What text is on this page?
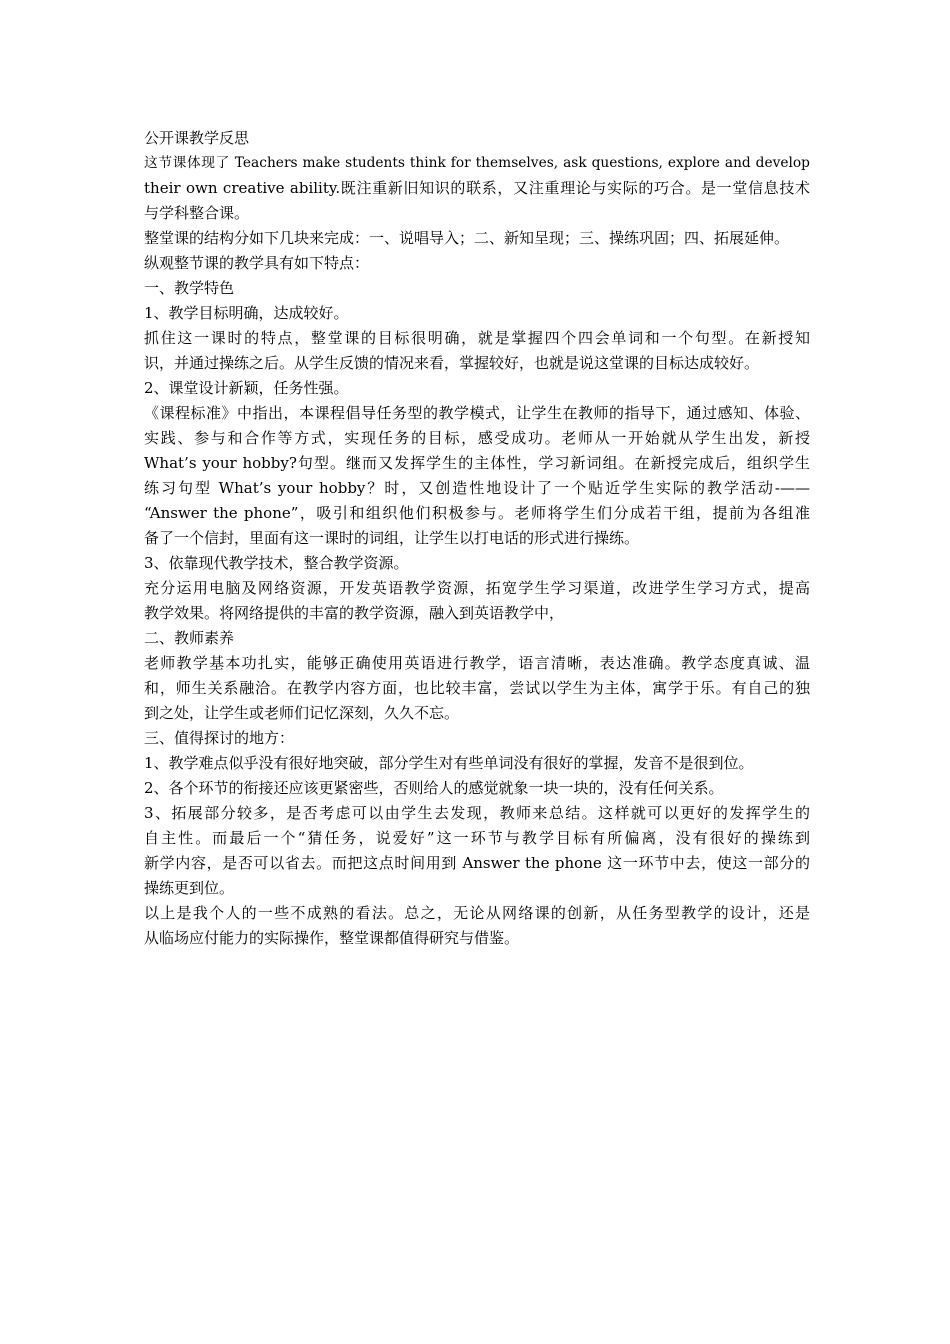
公开课教学反思
这节课体现了 Teachers make students think for themselves, ask questions, explore and develop
their own creative ability.既注重新旧知识的联系，又注重理论与实际的巧合。是一堂信息技术
与学科整合课。
整堂课的结构分如下几块来完成：一、说唱导入；二、新知呈现；三、操练巩固；四、拓展延伸。
纵观整节课的教学具有如下特点：
一、教学特色
1、教学目标明确，达成较好。
抓住这一课时的特点，整堂课的目标很明确，就是掌握四个四会单词和一个句型。在新授知
识，并通过操练之后。从学生反馈的情况来看，掌握较好，也就是说这堂课的目标达成较好。
2、课堂设计新颖，任务性强。
《课程标准》中指出，本课程倡导任务型的教学模式，让学生在教师的指导下，通过感知、体验、
实践、参与和合作等方式，实现任务的目标，感受成功。老师从一开始就从学生出发，新授
What’s your hobby?句型。继而又发挥学生的主体性，学习新词组。在新授完成后，组织学生
练习句型 What’s your hobby？时，又创造性地设计了一个贴近学生实际的教学活动-——
“Answer the phone”，吸引和组织他们积极参与。老师将学生们分成若干组，提前为各组准
备了一个信封，里面有这一课时的词组，让学生以打电话的形式进行操练。
3、依靠现代教学技术，整合教学资源。
充分运用电脑及网络资源，开发英语教学资源，拓宽学生学习渠道，改进学生学习方式，提高
教学效果。将网络提供的丰富的教学资源，融入到英语教学中，
二、教师素养
老师教学基本功扎实，能够正确使用英语进行教学，语言清晰，表达准确。教学态度真诚、温
和，师生关系融洽。在教学内容方面，也比较丰富，尝试以学生为主体，寓学于乐。有自己的独
到之处，让学生或老师们记忆深刻，久久不忘。
三、值得探讨的地方：
1、教学难点似乎没有很好地突破，部分学生对有些单词没有很好的掌握，发音不是很到位。
2、各个环节的衔接还应该更紧密些，否则给人的感觉就象一块一块的，没有任何关系。
3、拓展部分较多，是否考虑可以由学生去发现，教师来总结。这样就可以更好的发挥学生的
自主性。而最后一个“猜任务，说爱好”这一环节与教学目标有所偏离，没有很好的操练到
新学内容，是否可以省去。而把这点时间用到 Answer the phone 这一环节中去，使这一部分的
操练更到位。
以上是我个人的一些不成熟的看法。总之，无论从网络课的创新，从任务型教学的设计，还是
从临场应付能力的实际操作，整堂课都值得研究与借鉴。
